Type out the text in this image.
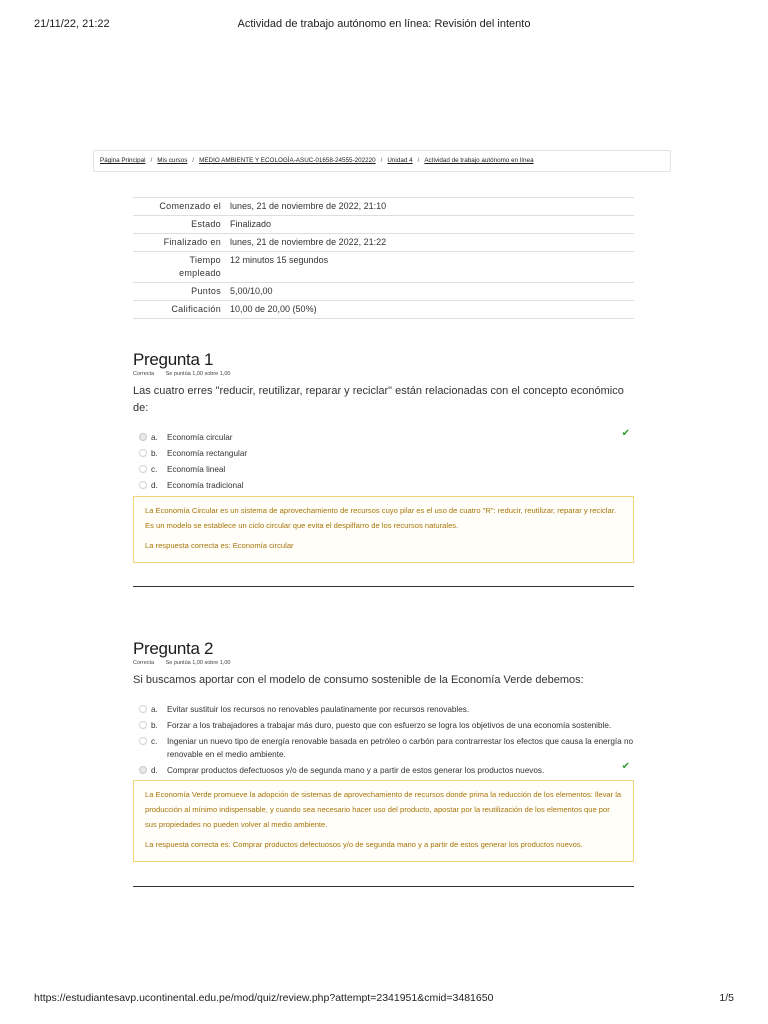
21/11/22, 21:22	Actividad de trabajo autónomo en línea: Revisión del intento
Página Principal / Mis cursos / MEDIO AMBIENTE Y ECOLOGÍA-ASUC-01658-24555-202220 / Unidad 4 / Actividad de trabajo autónomo en línea
Comenzado el	lunes, 21 de noviembre de 2022, 21:10
Estado	Finalizado
Finalizado en	lunes, 21 de noviembre de 2022, 21:22
Tiempo empleado	12 minutos 15 segundos
Puntos	5,00/10,00
Calificación	10,00 de 20,00 (50%)
Pregunta 1
Correcta Se puntúa 1,00 sobre 1,00
Las cuatro erres "reducir, reutilizar, reparar y reciclar" están relacionadas con el concepto económico de:
a. Economía circular	✔
b. Economía rectangular
c. Economía lineal
d. Economía tradicional

La Economía Circular es un sistema de aprovechamiento de recursos cuyo pilar es el uso de cuatro "R": reducir, reutilizar, reparar y reciclar. Es un modelo se establece un ciclo circular que evita el despilfarro de los recursos naturales.

La respuesta correcta es: Economía circular

Pregunta 2
Correcta Se puntúa 1,00 sobre 1,00
Si buscamos aportar con el modelo de consumo sostenible de la Economía Verde debemos:
a. Evitar sustituir los recursos no renovables paulatinamente por recursos renovables.
b. Forzar a los trabajadores a trabajar más duro, puesto que con esfuerzo se logra los objetivos de una economía sostenible.
c. Ingeniar un nuevo tipo de energía renovable basada en petróleo o carbón para contrarrestar los efectos que causa la energía no renovable en el medio ambiente.
d. Comprar productos defectuosos y/o de segunda mano y a partir de estos generar los productos nuevos.	✔

La Economía Verde promueve la adopción de sistemas de aprovechamiento de recursos donde prima la reducción de los elementos: llevar la producción al mínimo indispensable, y cuando sea necesario hacer uso del producto, apostar por la reutilización de los elementos que por sus propiedades no pueden volver al medio ambiente.

La respuesta correcta es: Comprar productos defectuosos y/o de segunda mano y a partir de estos generar los productos nuevos.

https://estudiantesavp.ucontinental.edu.pe/mod/quiz/review.php?attempt=2341951&cmid=3481650	1/5
